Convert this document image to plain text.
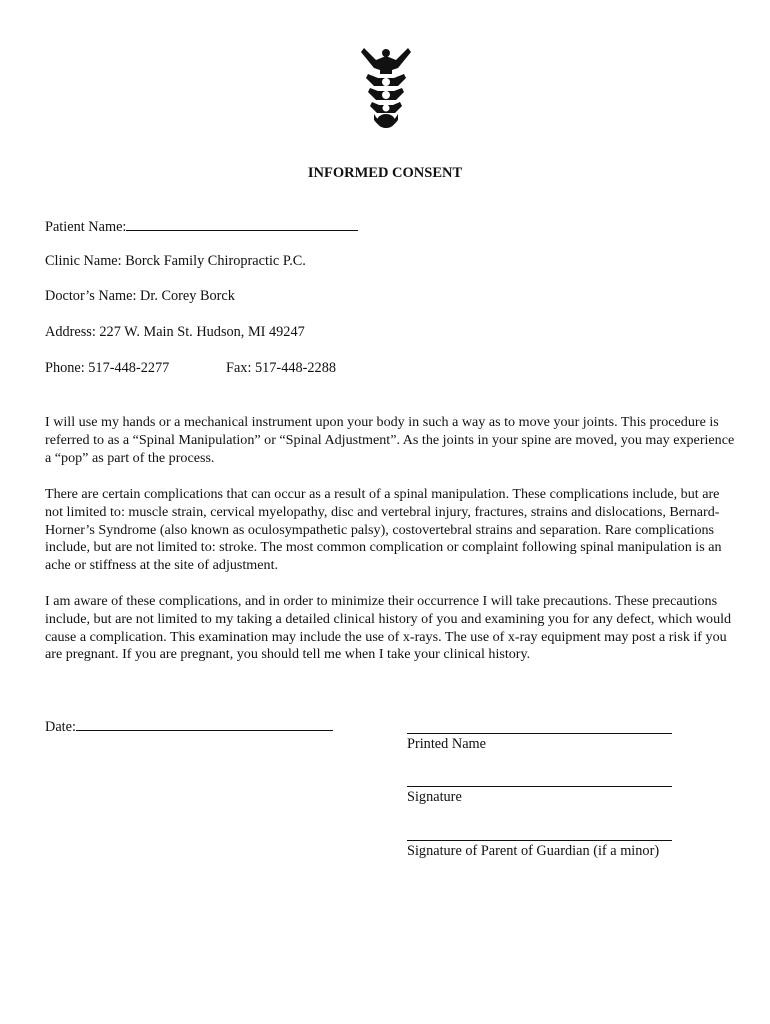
INFORMED CONSENT
Patient Name:
Clinic Name: Borck Family Chiropractic P.C.
Doctor’s Name: Dr. Corey Borck
Address: 227 W. Main St. Hudson, MI 49247
Phone: 517-448-2277	Fax: 517-448-2288
I will use my hands or a mechanical instrument upon your body in such a way as to move your joints. This procedure is referred to as a “Spinal Manipulation” or “Spinal Adjustment”. As the joints in your spine are moved, you may experience a “pop” as part of the process.
There are certain complications that can occur as a result of a spinal manipulation. These complications include, but are not limited to: muscle strain, cervical myelopathy, disc and vertebral injury, fractures, strains and dislocations, Bernard-Horner’s Syndrome (also known as oculosympathetic palsy), costovertebral strains and separation. Rare complications include, but are not limited to: stroke. The most common complication or complaint following spinal manipulation is an ache or stiffness at the site of adjustment.
I am aware of these complications, and in order to minimize their occurrence I will take precautions. These precautions include, but are not limited to my taking a detailed clinical history of you and examining you for any defect, which would cause a complication. This examination may include the use of x-rays. The use of x-ray equipment may post a risk if you are pregnant. If you are pregnant, you should tell me when I take your clinical history.
Date:
Printed Name
Signature
Signature of Parent of Guardian (if a minor)
